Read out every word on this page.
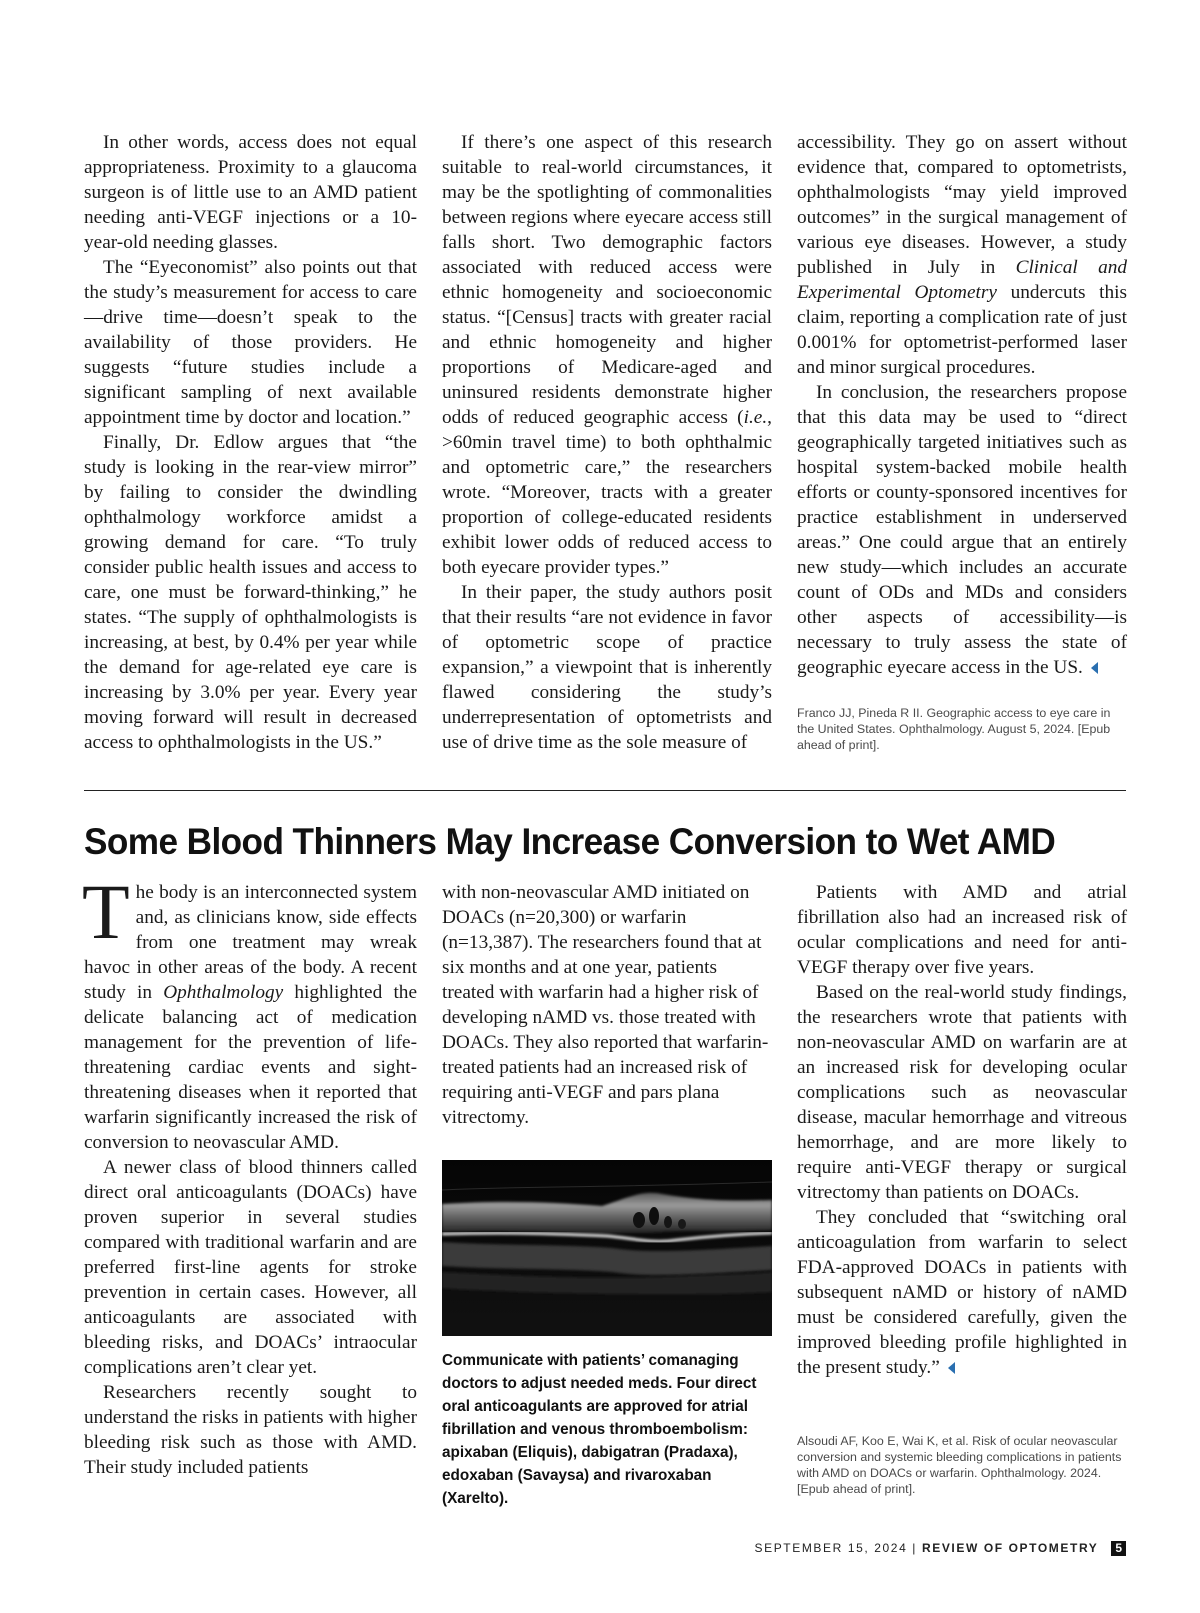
In other words, access does not equal appropriateness. Proximity to a glaucoma surgeon is of little use to an AMD patient needing anti-VEGF injections or a 10-year-old needing glasses.

The “Eyeconomist” also points out that the study’s measurement for access to care—drive time—doesn’t speak to the availability of those providers. He suggests “future studies include a significant sampling of next available appointment time by doctor and location.”

Finally, Dr. Edlow argues that “the study is looking in the rear-view mirror” by failing to consider the dwindling ophthalmology workforce amidst a growing demand for care. “To truly consider public health issues and access to care, one must be forward-thinking,” he states. “The supply of ophthalmologists is increasing, at best, by 0.4% per year while the demand for age-related eye care is increasing by 3.0% per year. Every year moving forward will result in decreased access to ophthalmologists in the US.”

If there’s one aspect of this research suitable to real-world circumstances, it may be the spotlighting of commonalities between regions where eyecare access still falls short. Two demographic factors associated with reduced access were ethnic homogeneity and socioeconomic status. “[Census] tracts with greater racial and ethnic homogeneity and higher proportions of Medicare-aged and uninsured residents demonstrate higher odds of reduced geographic access (i.e., >60min travel time) to both ophthalmic and optometric care,” the researchers wrote. “Moreover, tracts with a greater proportion of college-educated residents exhibit lower odds of reduced access to both eyecare provider types.”

In their paper, the study authors posit that their results “are not evidence in favor of optometric scope of practice expansion,” a viewpoint that is inherently flawed considering the study’s underrepresentation of optometrists and use of drive time as the sole measure of

accessibility. They go on assert without evidence that, compared to optometrists, ophthalmologists “may yield improved outcomes” in the surgical management of various eye diseases. However, a study published in July in Clinical and Experimental Optometry undercuts this claim, reporting a complication rate of just 0.001% for optometrist-performed laser and minor surgical procedures.

In conclusion, the researchers propose that this data may be used to “direct geographically targeted initiatives such as hospital system-backed mobile health efforts or county-sponsored incentives for practice establishment in underserved areas.” One could argue that an entirely new study—which includes an accurate count of ODs and MDs and considers other aspects of accessibility—is necessary to truly assess the state of geographic eyecare access in the US.

Franco JJ, Pineda R II. Geographic access to eye care in the United States. Ophthalmology. August 5, 2024. [Epub ahead of print].
Some Blood Thinners May Increase Conversion to Wet AMD

The body is an interconnected system and, as clinicians know, side effects from one treatment may wreak havoc in other areas of the body. A recent study in Ophthalmology highlighted the delicate balancing act of medication management for the prevention of life-threatening cardiac events and sight-threatening diseases when it reported that warfarin significantly increased the risk of conversion to neovascular AMD.

A newer class of blood thinners called direct oral anticoagulants (DOACs) have proven superior in several studies compared with traditional warfarin and are preferred first-line agents for stroke prevention in certain cases. However, all anticoagulants are associated with bleeding risks, and DOACs’ intraocular complications aren’t clear yet.

Researchers recently sought to understand the risks in patients with higher bleeding risk such as those with AMD. Their study included patients

with non-neovascular AMD initiated on DOACs (n=20,300) or warfarin (n=13,387). The researchers found that at six months and at one year, patients treated with warfarin had a higher risk of developing nAMD vs. those treated with DOACs. They also reported that warfarin-treated patients had an increased risk of requiring anti-VEGF and pars plana vitrectomy.

Communicate with patients’ comanaging doctors to adjust needed meds. Four direct oral anticoagulants are approved for atrial fibrillation and venous thromboembolism: apixaban (Eliquis), dabigatran (Pradaxa), edoxaban (Savaysa) and rivaroxaban (Xarelto).

Patients with AMD and atrial fibrillation also had an increased risk of ocular complications and need for anti-VEGF therapy over five years.

Based on the real-world study findings, the researchers wrote that patients with non-neovascular AMD on warfarin are at an increased risk for developing ocular complications such as neovascular disease, macular hemorrhage and vitreous hemorrhage, and are more likely to require anti-VEGF therapy or surgical vitrectomy than patients on DOACs.

They concluded that “switching oral anticoagulation from warfarin to select FDA-approved DOACs in patients with subsequent nAMD or history of nAMD must be considered carefully, given the improved bleeding profile highlighted in the present study.”

Alsoudi AF, Koo E, Wai K, et al. Risk of ocular neovascular conversion and systemic bleeding complications in patients with AMD on DOACs or warfarin. Ophthalmology. 2024. [Epub ahead of print].
SEPTEMBER 15, 2024 | REVIEW OF OPTOMETRY 5
